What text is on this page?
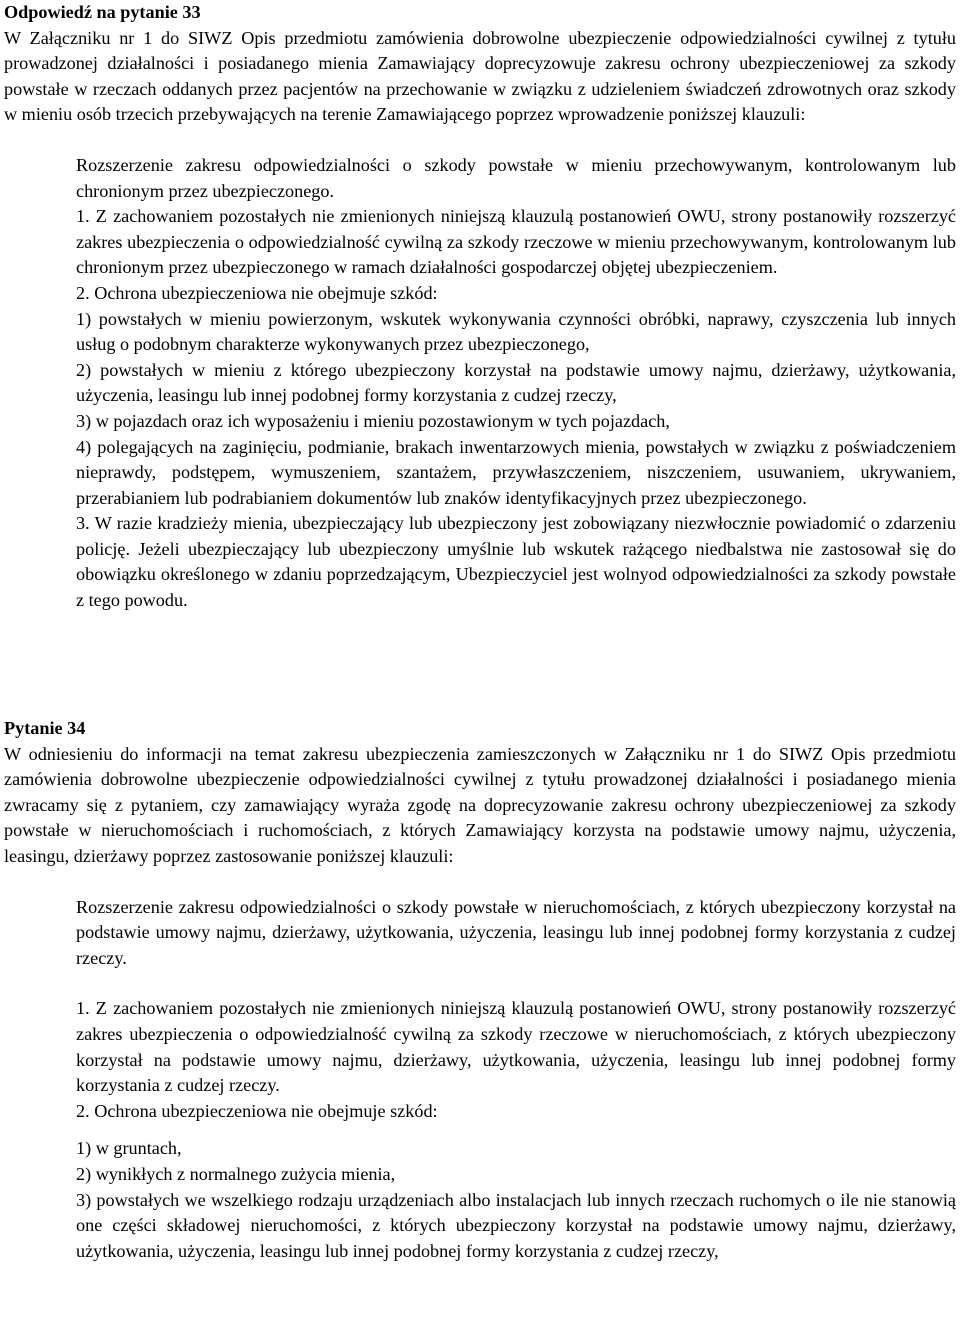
Odpowiedź na pytanie 33

W Załączniku nr 1 do SIWZ Opis przedmiotu zamówienia dobrowolne ubezpieczenie odpowiedzialności cywilnej z tytułu prowadzonej działalności i posiadanego mienia Zamawiający doprecyzowuje zakresu ochrony ubezpieczeniowej za szkody powstałe w rzeczach oddanych przez pacjentów na przechowanie w związku z udzieleniem świadczeń zdrowotnych oraz szkody w mieniu osób trzecich przebywających na terenie Zamawiającego poprzez wprowadzenie poniższej klauzuli:

Rozszerzenie zakresu odpowiedzialności o szkody powstałe w mieniu przechowywanym, kontrolowanym lub chronionym przez ubezpieczonego.

1. Z zachowaniem pozostałych nie zmienionych niniejszą klauzulą postanowień OWU, strony postanowiły rozszerzyć zakres ubezpieczenia o odpowiedzialność cywilną za szkody rzeczowe w mieniu przechowywanym, kontrolowanym lub chronionym przez ubezpieczonego w ramach działalności gospodarczej objętej ubezpieczeniem.

2. Ochrona ubezpieczeniowa nie obejmuje szkód:

1) powstałych w mieniu powierzonym, wskutek wykonywania czynności obróbki, naprawy, czyszczenia lub innych usług o podobnym charakterze wykonywanych przez ubezpieczonego,

2) powstałych w mieniu z którego ubezpieczony korzystał na podstawie umowy najmu, dzierżawy, użytkowania, użyczenia, leasingu lub innej podobnej formy korzystania z cudzej rzeczy,

3) w pojazdach oraz ich wyposażeniu i mieniu pozostawionym w tych pojazdach,

4) polegających na zaginięciu, podmianie, brakach inwentarzowych mienia, powstałych w związku z poświadczeniem nieprawdy, podstępem, wymuszeniem, szantażem, przywłaszczeniem, niszczeniem, usuwaniem, ukrywaniem, przerabianiem lub podrabianiem dokumentów lub znaków identyfikacyjnych przez ubezpieczonego.

3. W razie kradzieży mienia, ubezpieczający lub ubezpieczony jest zobowiązany niezwłocznie powiadomić o zdarzeniu policję. Jeżeli ubezpieczający lub ubezpieczony umyślnie lub wskutek rażącego niedbalstwa nie zastosował się do obowiązku określonego w zdaniu poprzedzającym, Ubezpieczyciel jest wolnyod odpowiedzialności za szkody powstałe z tego powodu.

Pytanie 34

W odniesieniu do informacji na temat zakresu ubezpieczenia zamieszczonych w Załączniku nr 1 do SIWZ Opis przedmiotu zamówienia dobrowolne ubezpieczenie odpowiedzialności cywilnej z tytułu prowadzonej działalności i posiadanego mienia zwracamy się z pytaniem, czy zamawiający wyraża zgodę na doprecyzowanie zakresu ochrony ubezpieczeniowej za szkody powstałe w nieruchomościach i ruchomościach, z których Zamawiający korzysta na podstawie umowy najmu, użyczenia, leasingu, dzierżawy poprzez zastosowanie poniższej klauzuli:

Rozszerzenie zakresu odpowiedzialności o szkody powstałe w nieruchomościach, z których ubezpieczony korzystał na podstawie umowy najmu, dzierżawy, użytkowania, użyczenia, leasingu lub innej podobnej formy korzystania z cudzej rzeczy.

1. Z zachowaniem pozostałych nie zmienionych niniejszą klauzulą postanowień OWU, strony postanowiły rozszerzyć zakres ubezpieczenia o odpowiedzialność cywilną za szkody rzeczowe w nieruchomościach, z których ubezpieczony korzystał na podstawie umowy najmu, dzierżawy, użytkowania, użyczenia, leasingu lub innej podobnej formy korzystania z cudzej rzeczy.

2. Ochrona ubezpieczeniowa nie obejmuje szkód:

1) w gruntach,

2) wynikłych z normalnego zużycia mienia,

3) powstałych we wszelkiego rodzaju urządzeniach albo instalacjach lub innych rzeczach ruchomych o ile nie stanowią one części składowej nieruchomości, z których ubezpieczony korzystał na podstawie umowy najmu, dzierżawy, użytkowania, użyczenia, leasingu lub innej podobnej formy korzystania z cudzej rzeczy,
